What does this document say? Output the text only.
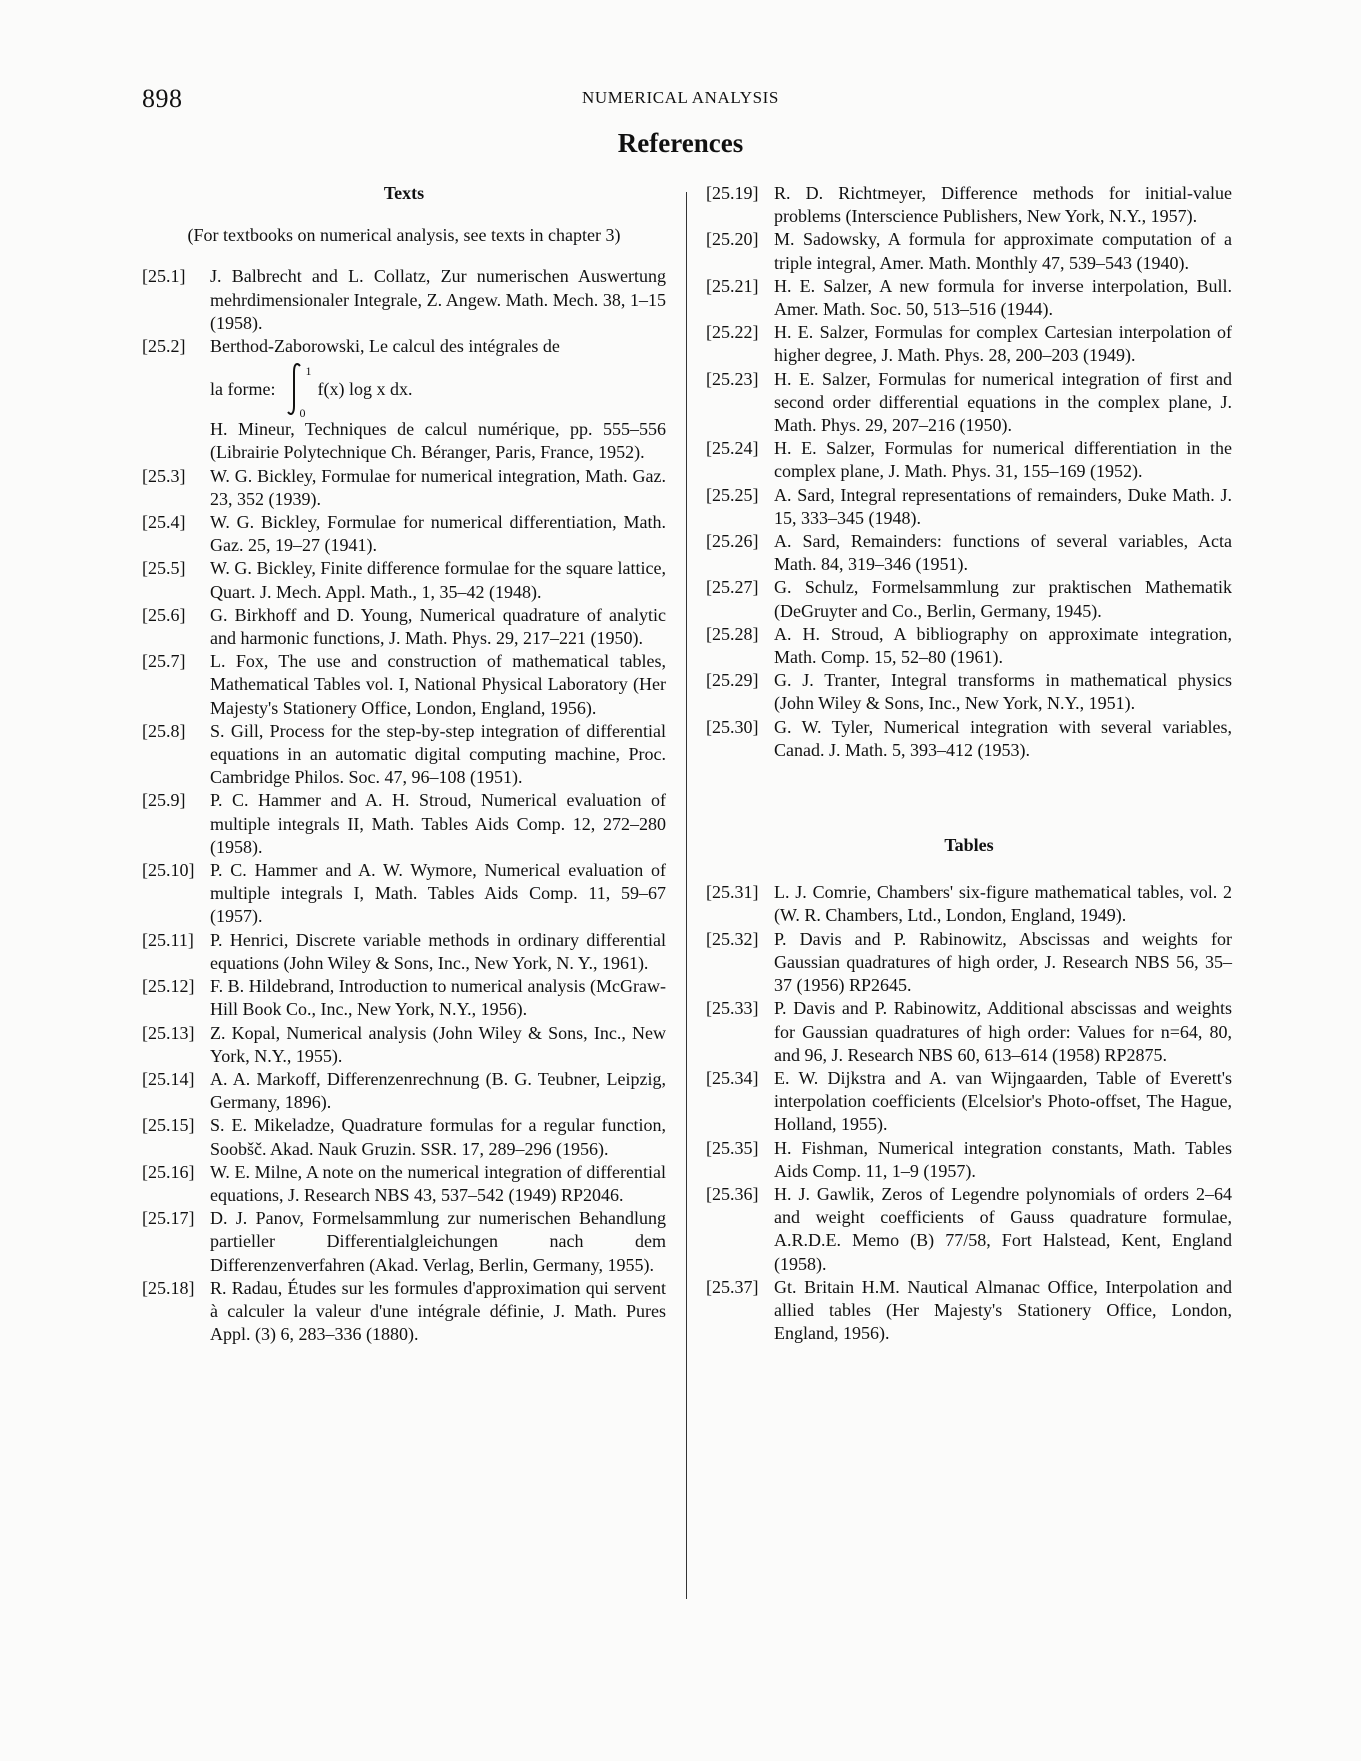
898	NUMERICAL ANALYSIS
References
Texts
(For textbooks on numerical analysis, see texts in chapter 3)
[25.1]	J. Balbrecht and L. Collatz, Zur numerischen Auswertung mehrdimensionaler Integrale, Z. Angew. Math. Mech. 38, 1–15 (1958).
[25.2]	Berthod-Zaborowski, Le calcul des intégrales de
la forme:
1
0
f(x) log x dx.
H. Mineur, Techniques de calcul numérique, pp. 555–556 (Librairie Polytechnique Ch. Béranger, Paris, France, 1952).
[25.3]	W. G. Bickley, Formulae for numerical integration, Math. Gaz. 23, 352 (1939).
[25.4]	W. G. Bickley, Formulae for numerical differentiation, Math. Gaz. 25, 19–27 (1941).
[25.5]	W. G. Bickley, Finite difference formulae for the square lattice, Quart. J. Mech. Appl. Math., 1, 35–42 (1948).
[25.6]	G. Birkhoff and D. Young, Numerical quadrature of analytic and harmonic functions, J. Math. Phys. 29, 217–221 (1950).
[25.7]	L. Fox, The use and construction of mathematical tables, Mathematical Tables vol. I, National Physical Laboratory (Her Majesty's Stationery Office, London, England, 1956).
[25.8]	S. Gill, Process for the step-by-step integration of differential equations in an automatic digital computing machine, Proc. Cambridge Philos. Soc. 47, 96–108 (1951).
[25.9]	P. C. Hammer and A. H. Stroud, Numerical evaluation of multiple integrals II, Math. Tables Aids Comp. 12, 272–280 (1958).
[25.10] P. C. Hammer and A. W. Wymore, Numerical evaluation of multiple integrals I, Math. Tables Aids Comp. 11, 59–67 (1957).
[25.11] P. Henrici, Discrete variable methods in ordinary differential equations (John Wiley & Sons, Inc., New York, N. Y., 1961).
[25.12] F. B. Hildebrand, Introduction to numerical analysis (McGraw-Hill Book Co., Inc., New York, N.Y., 1956).
[25.13] Z. Kopal, Numerical analysis (John Wiley & Sons, Inc., New York, N.Y., 1955).
[25.14] A. A. Markoff, Differenzenrechnung (B. G. Teubner, Leipzig, Germany, 1896).
[25.15] S. E. Mikeladze, Quadrature formulas for a regular function, Soobšč. Akad. Nauk Gruzin. SSR. 17, 289–296 (1956).
[25.16] W. E. Milne, A note on the numerical integration of differential equations, J. Research NBS 43, 537–542 (1949) RP2046.
[25.17] D. J. Panov, Formelsammlung zur numerischen Behandlung partieller Differentialgleichungen nach dem Differenzenverfahren (Akad. Verlag, Berlin, Germany, 1955).
[25.18] R. Radau, Études sur les formules d'approximation qui servent à calculer la valeur d'une intégrale définie, J. Math. Pures Appl. (3) 6, 283–336 (1880).
[25.19] R. D. Richtmeyer, Difference methods for initial-value problems (Interscience Publishers, New York, N.Y., 1957).
[25.20] M. Sadowsky, A formula for approximate computation of a triple integral, Amer. Math. Monthly 47, 539–543 (1940).
[25.21] H. E. Salzer, A new formula for inverse interpolation, Bull. Amer. Math. Soc. 50, 513–516 (1944).
[25.22] H. E. Salzer, Formulas for complex Cartesian interpolation of higher degree, J. Math. Phys. 28, 200–203 (1949).
[25.23] H. E. Salzer, Formulas for numerical integration of first and second order differential equations in the complex plane, J. Math. Phys. 29, 207–216 (1950).
[25.24] H. E. Salzer, Formulas for numerical differentiation in the complex plane, J. Math. Phys. 31, 155–169 (1952).
[25.25] A. Sard, Integral representations of remainders, Duke Math. J. 15, 333–345 (1948).
[25.26] A. Sard, Remainders: functions of several variables, Acta Math. 84, 319–346 (1951).
[25.27] G. Schulz, Formelsammlung zur praktischen Mathematik (DeGruyter and Co., Berlin, Germany, 1945).
[25.28] A. H. Stroud, A bibliography on approximate integration, Math. Comp. 15, 52–80 (1961).
[25.29] G. J. Tranter, Integral transforms in mathematical physics (John Wiley & Sons, Inc., New York, N.Y., 1951).
[25.30] G. W. Tyler, Numerical integration with several variables, Canad. J. Math. 5, 393–412 (1953).
Tables
[25.31] L. J. Comrie, Chambers' six-figure mathematical tables, vol. 2 (W. R. Chambers, Ltd., London, England, 1949).
[25.32] P. Davis and P. Rabinowitz, Abscissas and weights for Gaussian quadratures of high order, J. Research NBS 56, 35–37 (1956) RP2645.
[25.33] P. Davis and P. Rabinowitz, Additional abscissas and weights for Gaussian quadratures of high order: Values for n=64, 80, and 96, J. Research NBS 60, 613–614 (1958) RP2875.
[25.34] E. W. Dijkstra and A. van Wijngaarden, Table of Everett's interpolation coefficients (Elcelsior's Photo-offset, The Hague, Holland, 1955).
[25.35] H. Fishman, Numerical integration constants, Math. Tables Aids Comp. 11, 1–9 (1957).
[25.36] H. J. Gawlik, Zeros of Legendre polynomials of orders 2–64 and weight coefficients of Gauss quadrature formulae, A.R.D.E. Memo (B) 77/58, Fort Halstead, Kent, England (1958).
[25.37] Gt. Britain H.M. Nautical Almanac Office, Interpolation and allied tables (Her Majesty's Stationery Office, London, England, 1956).
